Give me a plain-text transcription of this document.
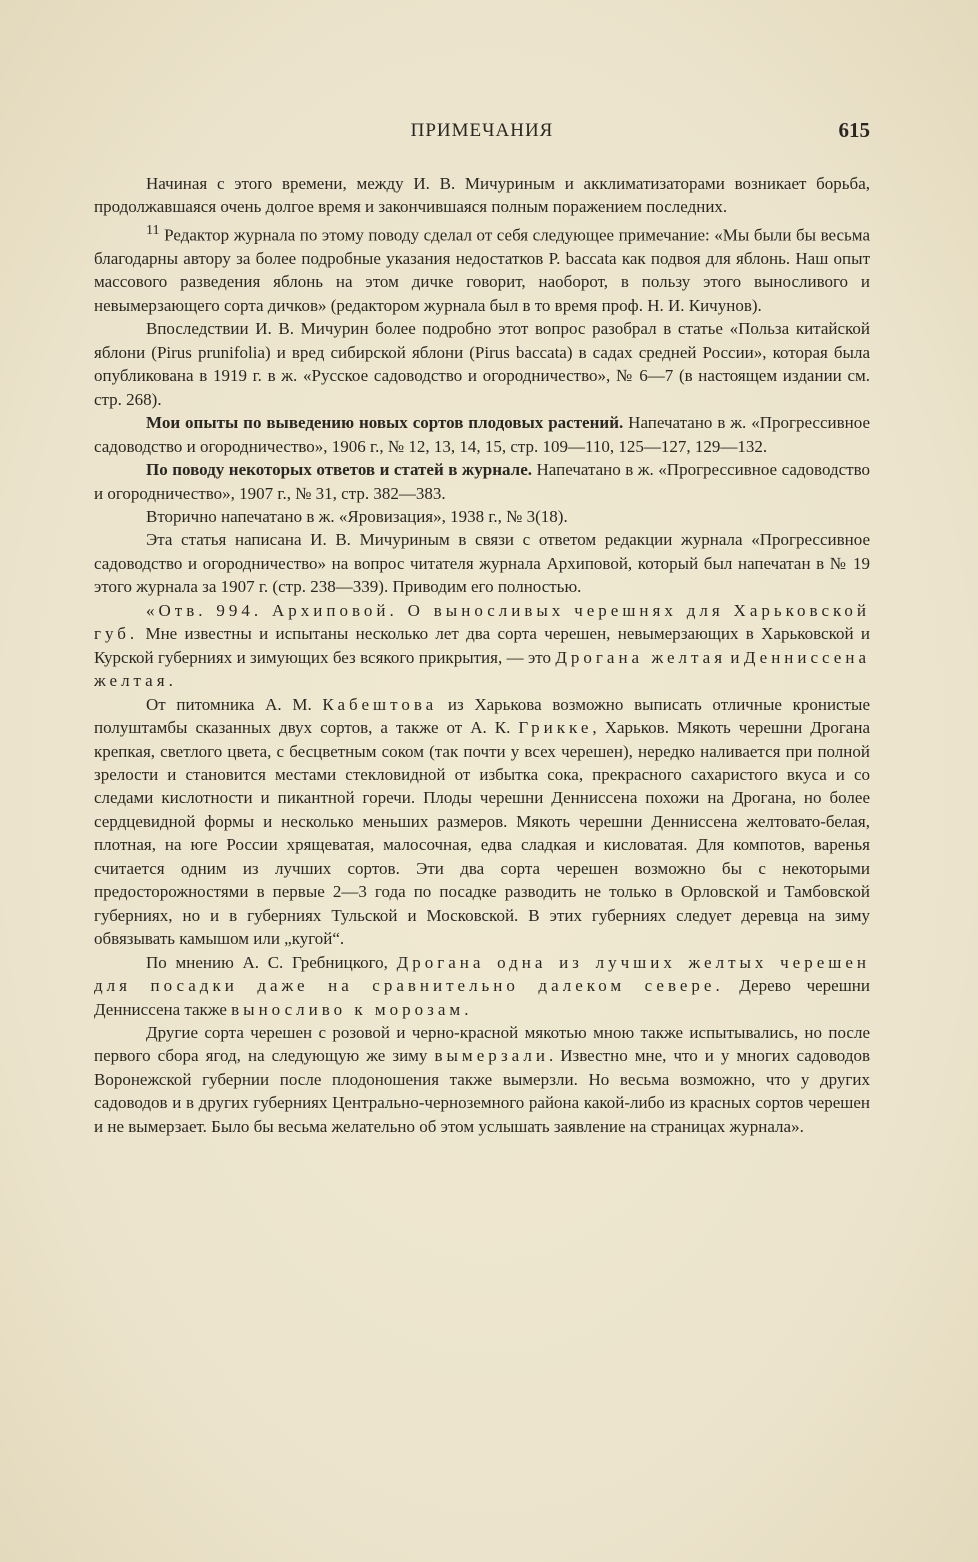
ПРИМЕЧАНИЯ	615

Начиная с этого времени, между И. В. Мичуриным и акклиматизаторами возникает борьба, продолжавшаяся очень долгое время и закончившаяся полным поражением последних.

$^{11}$ Редактор журнала по этому поводу сделал от себя следующее примечание: «Мы были бы весьма благодарны автору за более подробные указания недостатков P. baccata как подвоя для яблонь. Наш опыт массового разведения яблонь на этом дичке говорит, наоборот, в пользу этого выносливого и невымерзающего сорта дичков» (редактором журнала был в то время проф. Н. И. Кичунов).

Впоследствии И. В. Мичурин более подробно этот вопрос разобрал в статье «Польза китайской яблони (Pirus prunifolia) и вред сибирской яблони (Pirus baccata) в садах средней России», которая была опубликована в 1919 г. в ж. «Русское садоводство и огородничество», № 6—7 (в настоящем издании см. стр. 268).

Мои опыты по выведению новых сортов плодовых растений. Напечатано в ж. «Прогрессивное садоводство и огородничество», 1906 г., № 12, 13, 14, 15, стр. 109—110, 125—127, 129—132.

По поводу некоторых ответов и статей в журнале. Напечатано в ж. «Прогрессивное садоводство и огородничество», 1907 г., № 31, стр. 382—383.

Вторично напечатано в ж. «Яровизация», 1938 г., № 3(18).

Эта статья написана И. В. Мичуриным в связи с ответом редакции журнала «Прогрессивное садоводство и огородничество» на вопрос читателя журнала Архиповой, который был напечатан в № 19 этого журнала за 1907 г. (стр. 238—339). Приводим его полностью.

«Отв. 994. Архиповой. О выносливых черешнях для Харьковской губ. Мне известны и испытаны несколько лет два сорта черешен, невымерзающих в Харьковской и Курской губерниях и зимующих без всякого прикрытия, — это Дрогана желтая и Денниссена желтая.

От питомника А. М. Кабештова из Харькова возможно выписать отличные кронистые полуштамбы сказанных двух сортов, а также от А. К. Грикке, Харьков. Мякоть черешни Дрогана крепкая, светлого цвета, с бесцветным соком (так почти у всех черешен), нередко наливается при полной зрелости и становится местами стекловидной от избытка сока, прекрасного сахаристого вкуса и со следами кислотности и пикантной горечи. Плоды черешни Денниссена похожи на Дрогана, но более сердцевидной формы и несколько меньших размеров. Мякоть черешни Денниссена желтовато-белая, плотная, на юге России хрящеватая, малосочная, едва сладкая и кисловатая. Для компотов, варенья считается одним из лучших сортов. Эти два сорта черешен возможно бы с некоторыми предосторожностями в первые 2—3 года по посадке разводить не только в Орловской и Тамбовской губерниях, но и в губерниях Тульской и Московской. В этих губерниях следует деревца на зиму обвязывать камышом или „кугой“.

По мнению А. С. Гребницкого, Дрогана одна из лучших желтых черешен для посадки даже на сравнительно далеком севере. Дерево черешни Денниссена также выносливо к морозам.

Другие сорта черешен с розовой и черно-красной мякотью мною также испытывались, но после первого сбора ягод, на следующую же зиму вымерзали. Известно мне, что и у многих садоводов Воронежской губернии после плодоношения также вымерзли. Но весьма возможно, что у других садоводов и в других губерниях Центрально-черноземного района какой-либо из красных сортов черешен и не вымерзает. Было бы весьма желательно об этом услышать заявление на страницах журнала».
